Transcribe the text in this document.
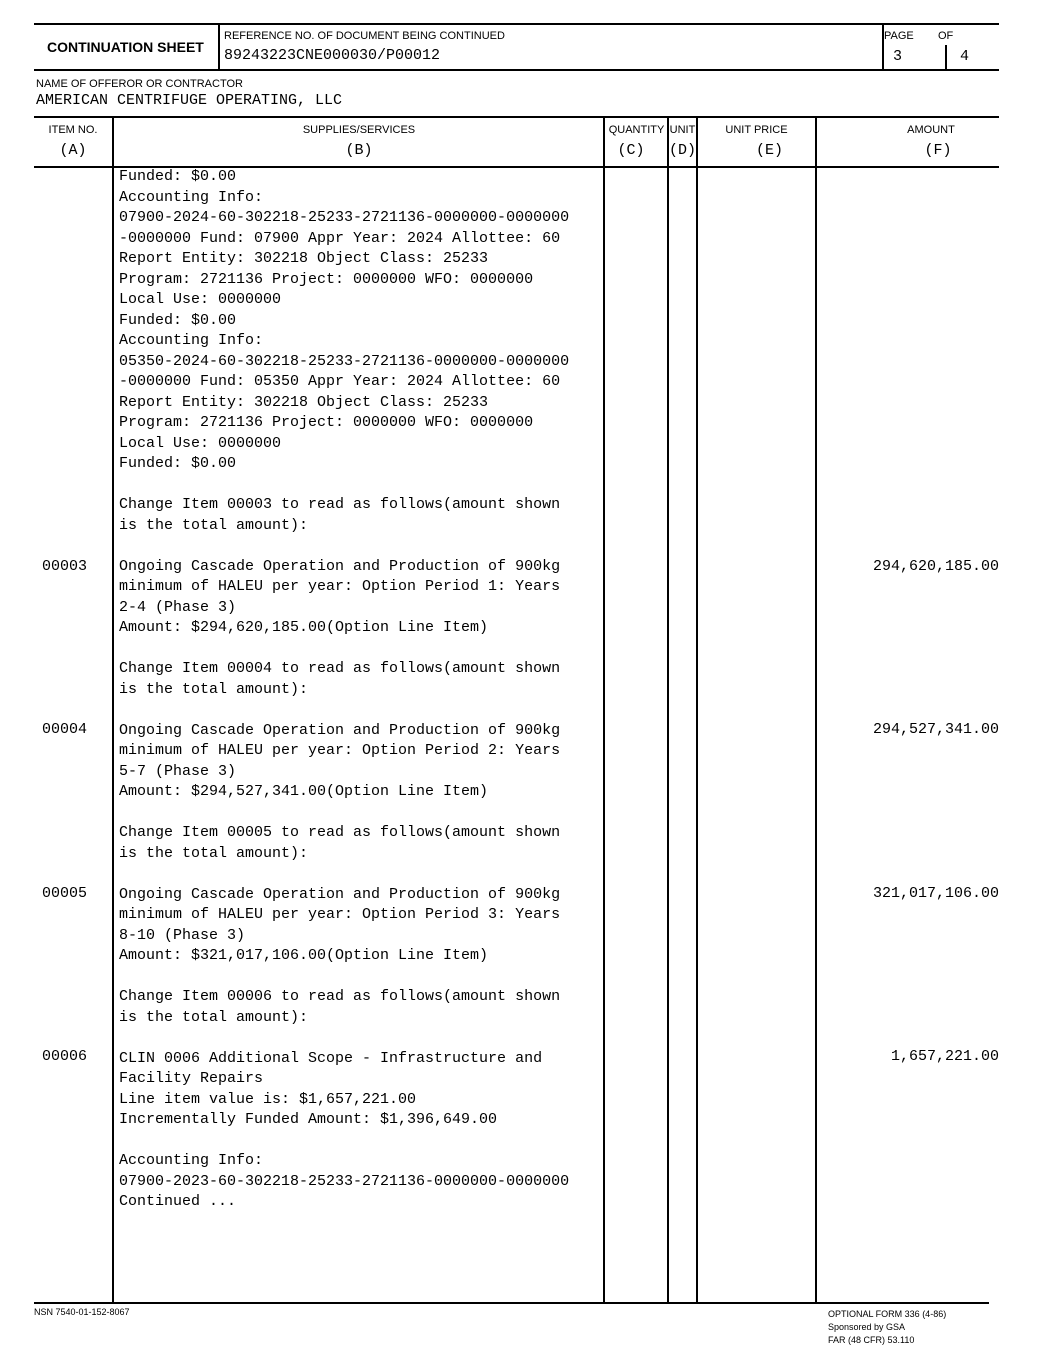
CONTINUATION SHEET
REFERENCE NO. OF DOCUMENT BEING CONTINUED
89243223CNE000030/P00012
PAGE OF
3	4
NAME OF OFFEROR OR CONTRACTOR
AMERICAN CENTRIFUGE OPERATING, LLC
ITEM NO.
(A)
SUPPLIES/SERVICES
(B)
QUANTITY
(C)
UNIT
(D)
UNIT PRICE
(E)
AMOUNT
(F)
Funded: $0.00
Accounting Info:
07900-2024-60-302218-25233-2721136-0000000-0000000
-0000000 Fund: 07900 Appr Year: 2024 Allottee: 60
Report Entity: 302218 Object Class: 25233
Program: 2721136 Project: 0000000 WFO: 0000000
Local Use: 0000000
Funded: $0.00
Accounting Info:
05350-2024-60-302218-25233-2721136-0000000-0000000
-0000000 Fund: 05350 Appr Year: 2024 Allottee: 60
Report Entity: 302218 Object Class: 25233
Program: 2721136 Project: 0000000 WFO: 0000000
Local Use: 0000000
Funded: $0.00

Change Item 00003 to read as follows(amount shown
is the total amount):

Ongoing Cascade Operation and Production of 900kg
minimum of HALEU per year: Option Period 1: Years
2-4 (Phase 3)
Amount: $294,620,185.00(Option Line Item)

Change Item 00004 to read as follows(amount shown
is the total amount):

Ongoing Cascade Operation and Production of 900kg
minimum of HALEU per year: Option Period 2: Years
5-7 (Phase 3)
Amount: $294,527,341.00(Option Line Item)

Change Item 00005 to read as follows(amount shown
is the total amount):

Ongoing Cascade Operation and Production of 900kg
minimum of HALEU per year: Option Period 3: Years
8-10 (Phase 3)
Amount: $321,017,106.00(Option Line Item)

Change Item 00006 to read as follows(amount shown
is the total amount):

CLIN 0006 Additional Scope - Infrastructure and
Facility Repairs
Line item value is: $1,657,221.00
Incrementally Funded Amount: $1,396,649.00

Accounting Info:
07900-2023-60-302218-25233-2721136-0000000-0000000
Continued ...
00003
00004
00005
00006
294,620,185.00
294,527,341.00
321,017,106.00
1,657,221.00
NSN 7540-01-152-8067	OPTIONAL FORM 336 (4-86)
Sponsored by GSA
FAR (48 CFR) 53.110
